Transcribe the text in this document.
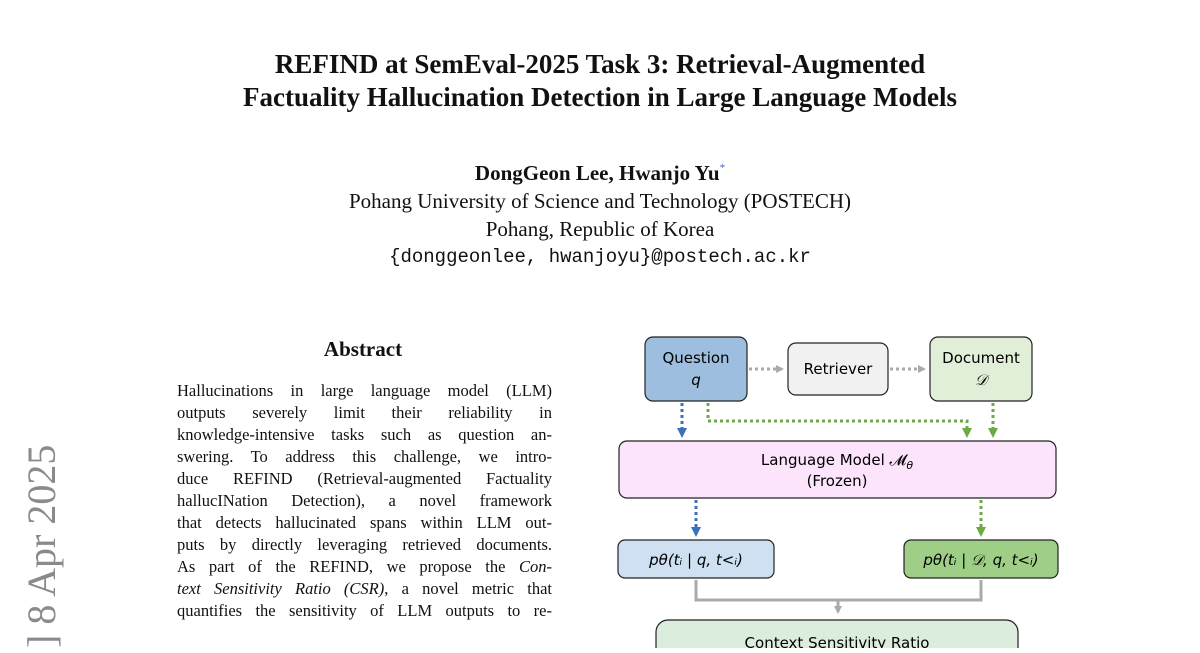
REFIND at SemEval-2025 Task 3: Retrieval-Augmented
Factuality Hallucination Detection in Large Language Models
DongGeon Lee, Hwanjo Yu*
Pohang University of Science and Technology (POSTECH)
Pohang, Republic of Korea
{donggeonlee, hwanjoyu}@postech.ac.kr
] 8 Apr 2025
Abstract
Hallucinations in large language model (LLM)
outputs severely limit their reliability in
knowledge-intensive tasks such as question an-
swering. To address this challenge, we intro-
duce REFIND (Retrieval-augmented Factuality
hallucINation Detection), a novel framework
that detects hallucinated spans within LLM out-
puts by directly leveraging retrieved documents.
As part of the REFIND, we propose the Con-
text Sensitivity Ratio (CSR), a novel metric that
quantifies the sensitivity of LLM outputs to re-
Question
q
Retriever
Document
𝒟
Language Model 𝓜$_\theta$
(Frozen)
pθ(tᵢ | q, t<ᵢ)	pθ(tᵢ | 𝒟, q, t<ᵢ)
Context Sensitivity Ratio
